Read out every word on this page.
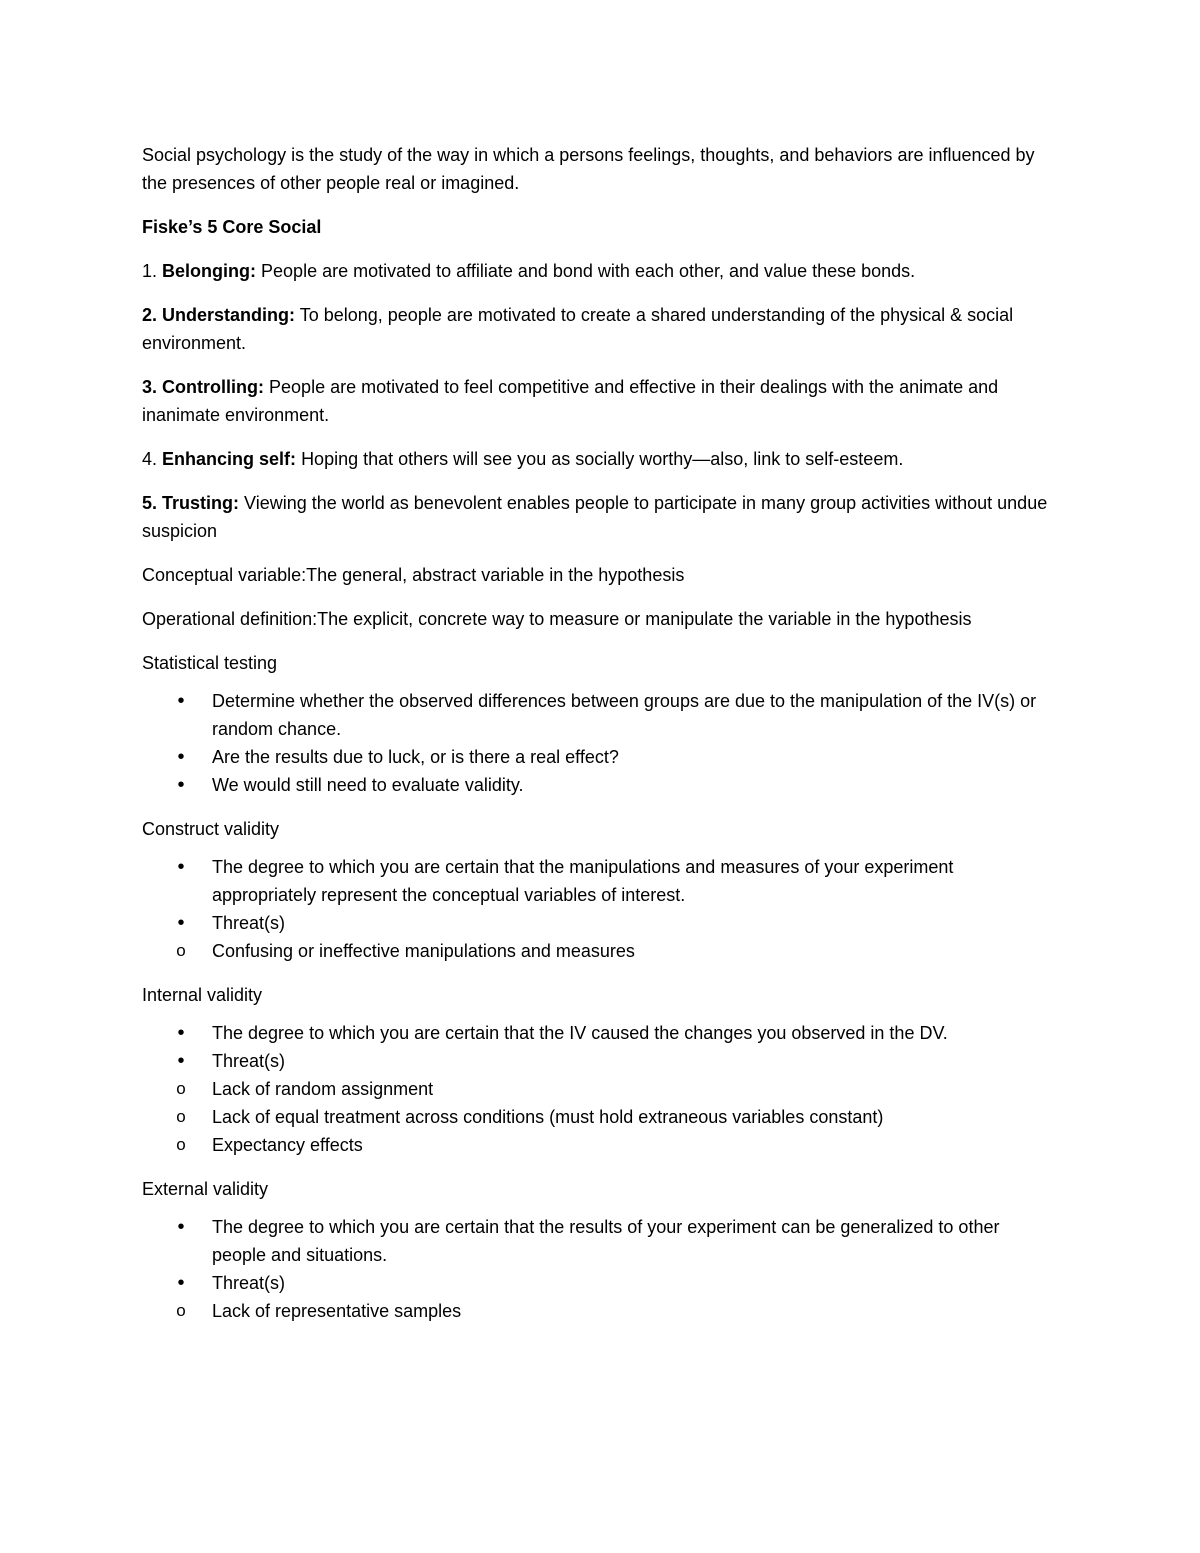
Social psychology is the study of the way in which a persons feelings, thoughts, and behaviors are influenced by the presences of other people real or imagined.

Fiske’s 5 Core Social

1. Belonging: People are motivated to affiliate and bond with each other, and value these bonds.

2. Understanding: To belong, people are motivated to create a shared understanding of the physical & social environment.

3. Controlling: People are motivated to feel competitive and effective in their dealings with the animate and inanimate environment.

4. Enhancing self: Hoping that others will see you as socially worthy—also, link to self-esteem.

5. Trusting: Viewing the world as benevolent enables people to participate in many group activities without undue suspicion

Conceptual variable:The general, abstract variable in the hypothesis

Operational definition:The explicit, concrete way to measure or manipulate the variable in the hypothesis

Statistical testing

• Determine whether the observed differences between groups are due to the manipulation of the IV(s) or random chance.
• Are the results due to luck, or is there a real effect?
• We would still need to evaluate validity.

Construct validity

• The degree to which you are certain that the manipulations and measures of your experiment appropriately represent the conceptual variables of interest.
• Threat(s)
o Confusing or ineffective manipulations and measures

Internal validity

• The degree to which you are certain that the IV caused the changes you observed in the DV.
• Threat(s)
o Lack of random assignment
o Lack of equal treatment across conditions (must hold extraneous variables constant)
o Expectancy effects

External validity

• The degree to which you are certain that the results of your experiment can be generalized to other people and situations.
• Threat(s)
o Lack of representative samples
